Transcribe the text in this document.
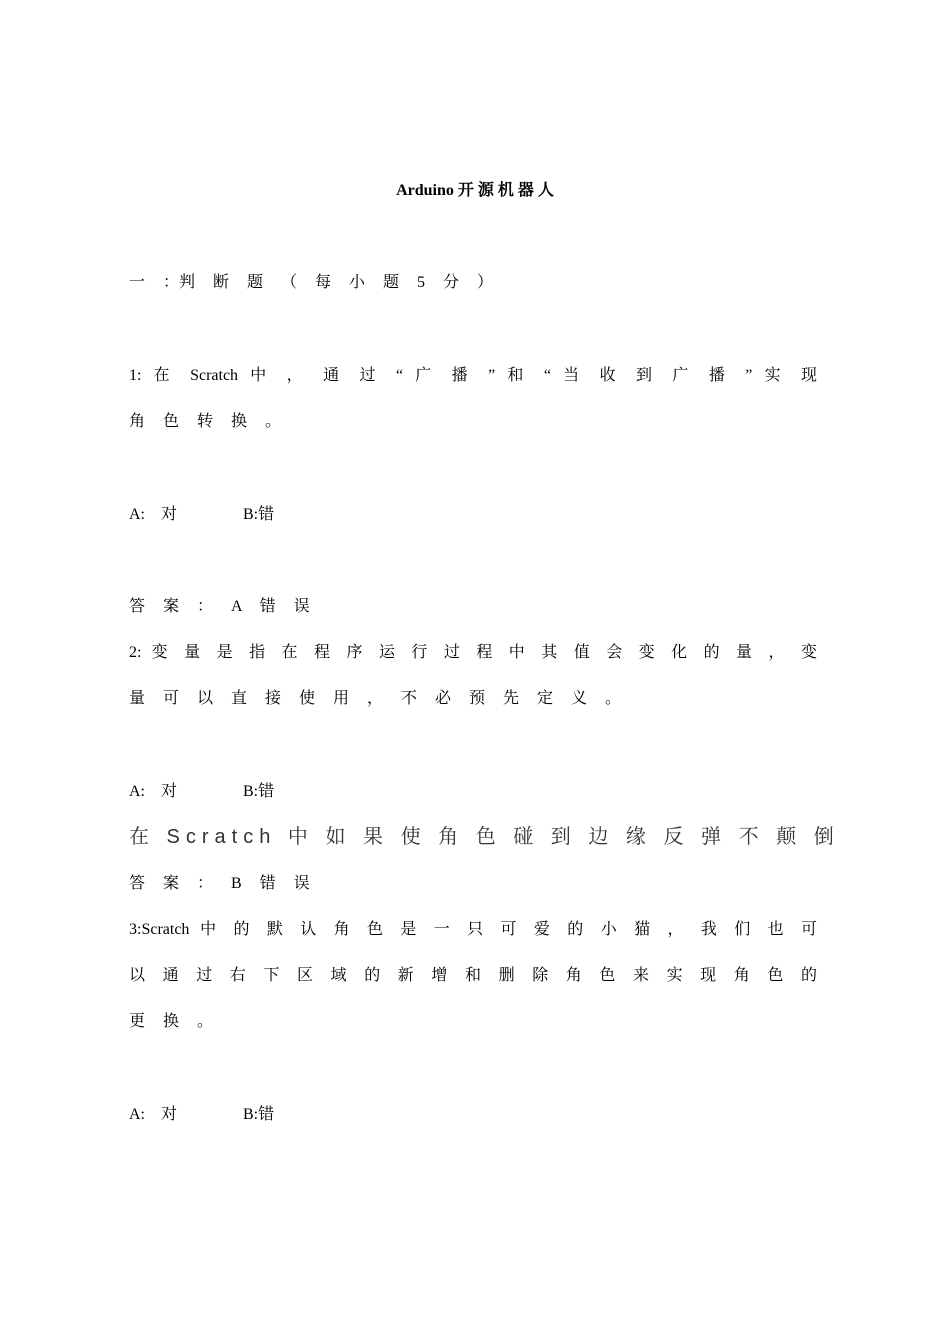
Arduino 开 源 机 器 人
一 ：判 断 题 （ 每 小 题 5 分 ）
1: 在 Scratch 中 ， 通 过 “ 广 播 ” 和 “ 当 收 到 广 播 ” 实 现
角 色 转 换 。
A: 对	B:错
答 案 ： A 错 误
2: 变 量 是 指 在 程 序 运 行 过 程 中 其 值 会 变 化 的 量 ， 变
量 可 以 直 接 使 用 ， 不 必 预 先 定 义 。
A: 对	B:错
在 Scratch 中 如 果 使 角 色 碰 到 边 缘 反 弹 不 颠 倒
答 案 ： B 错 误
3:Scratch 中 的 默 认 角 色 是 一 只 可 爱 的 小 猫 ， 我 们 也 可
以 通 过 右 下 区 域 的 新 增 和 删 除 角 色 来 实 现 角 色 的
更 换 。
A: 对	B:错
